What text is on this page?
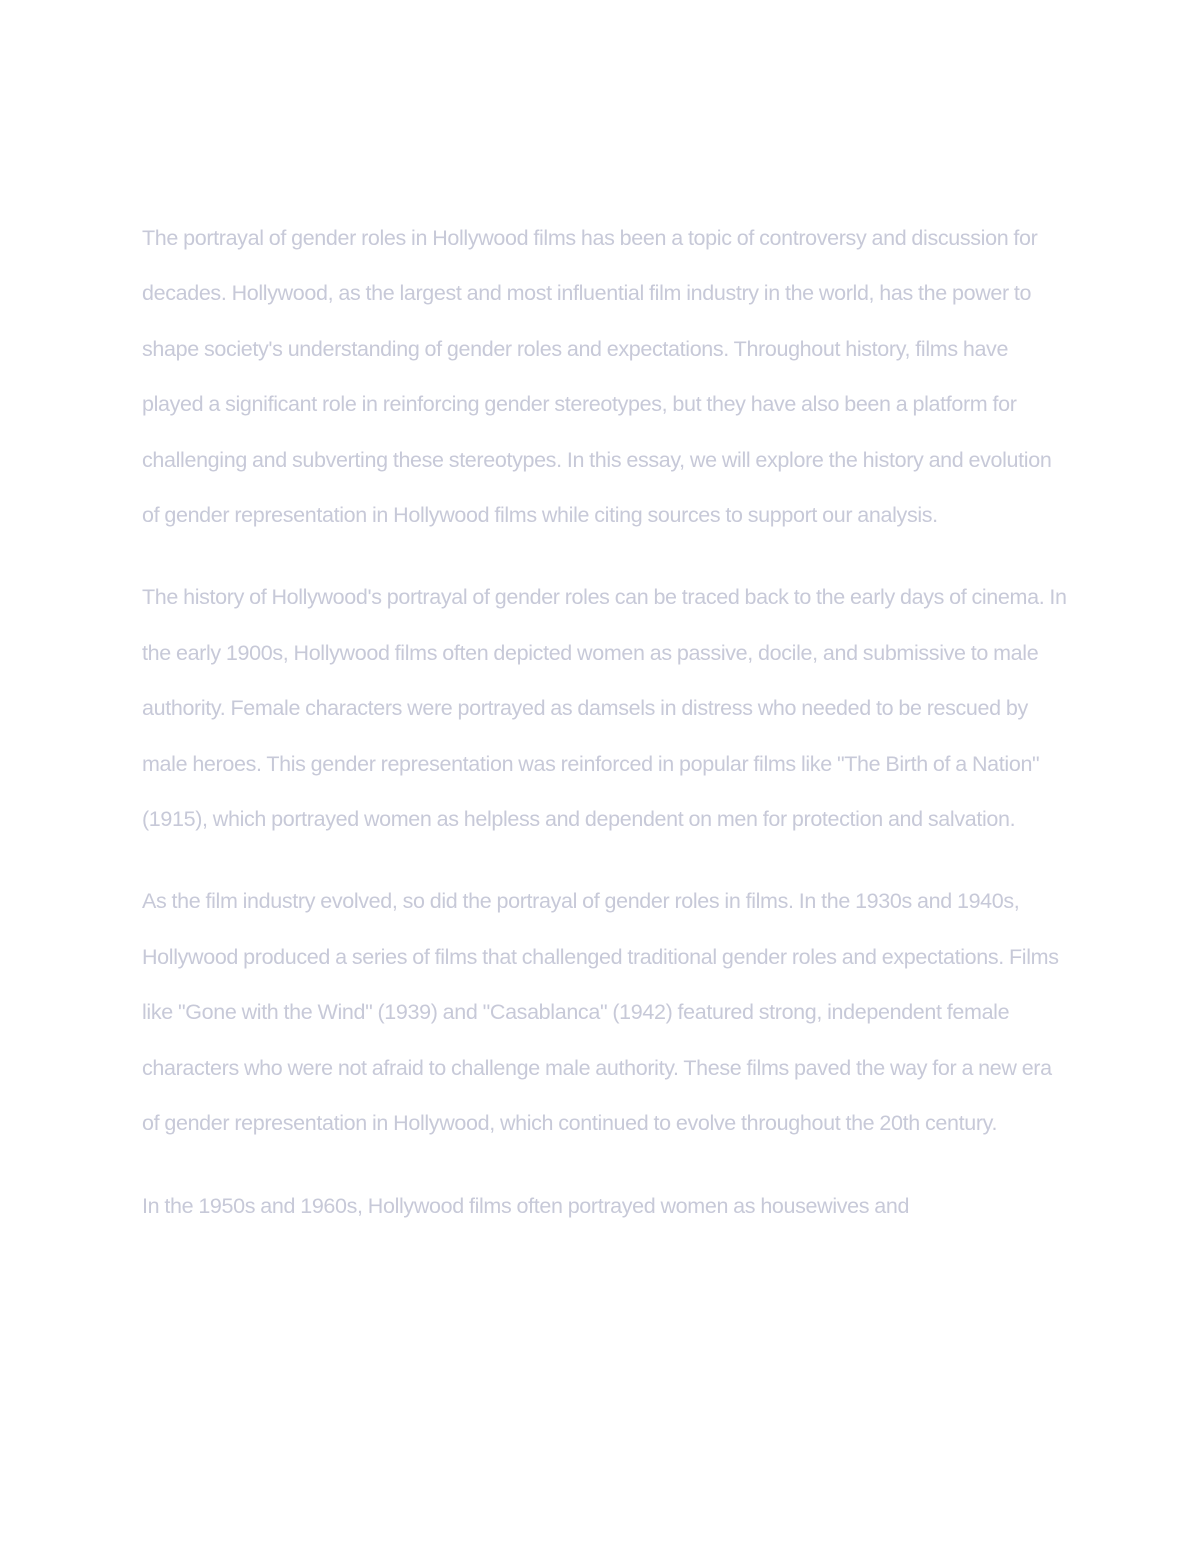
The portrayal of gender roles in Hollywood films has been a topic of controversy and discussion for decades. Hollywood, as the largest and most influential film industry in the world, has the power to shape society's understanding of gender roles and expectations. Throughout history, films have played a significant role in reinforcing gender stereotypes, but they have also been a platform for challenging and subverting these stereotypes. In this essay, we will explore the history and evolution of gender representation in Hollywood films while citing sources to support our analysis.

The history of Hollywood's portrayal of gender roles can be traced back to the early days of cinema. In the early 1900s, Hollywood films often depicted women as passive, docile, and submissive to male authority. Female characters were portrayed as damsels in distress who needed to be rescued by male heroes. This gender representation was reinforced in popular films like "The Birth of a Nation" (1915), which portrayed women as helpless and dependent on men for protection and salvation.

As the film industry evolved, so did the portrayal of gender roles in films. In the 1930s and 1940s, Hollywood produced a series of films that challenged traditional gender roles and expectations. Films like "Gone with the Wind" (1939) and "Casablanca" (1942) featured strong, independent female characters who were not afraid to challenge male authority. These films paved the way for a new era of gender representation in Hollywood, which continued to evolve throughout the 20th century.

In the 1950s and 1960s, Hollywood films often portrayed women as housewives and
